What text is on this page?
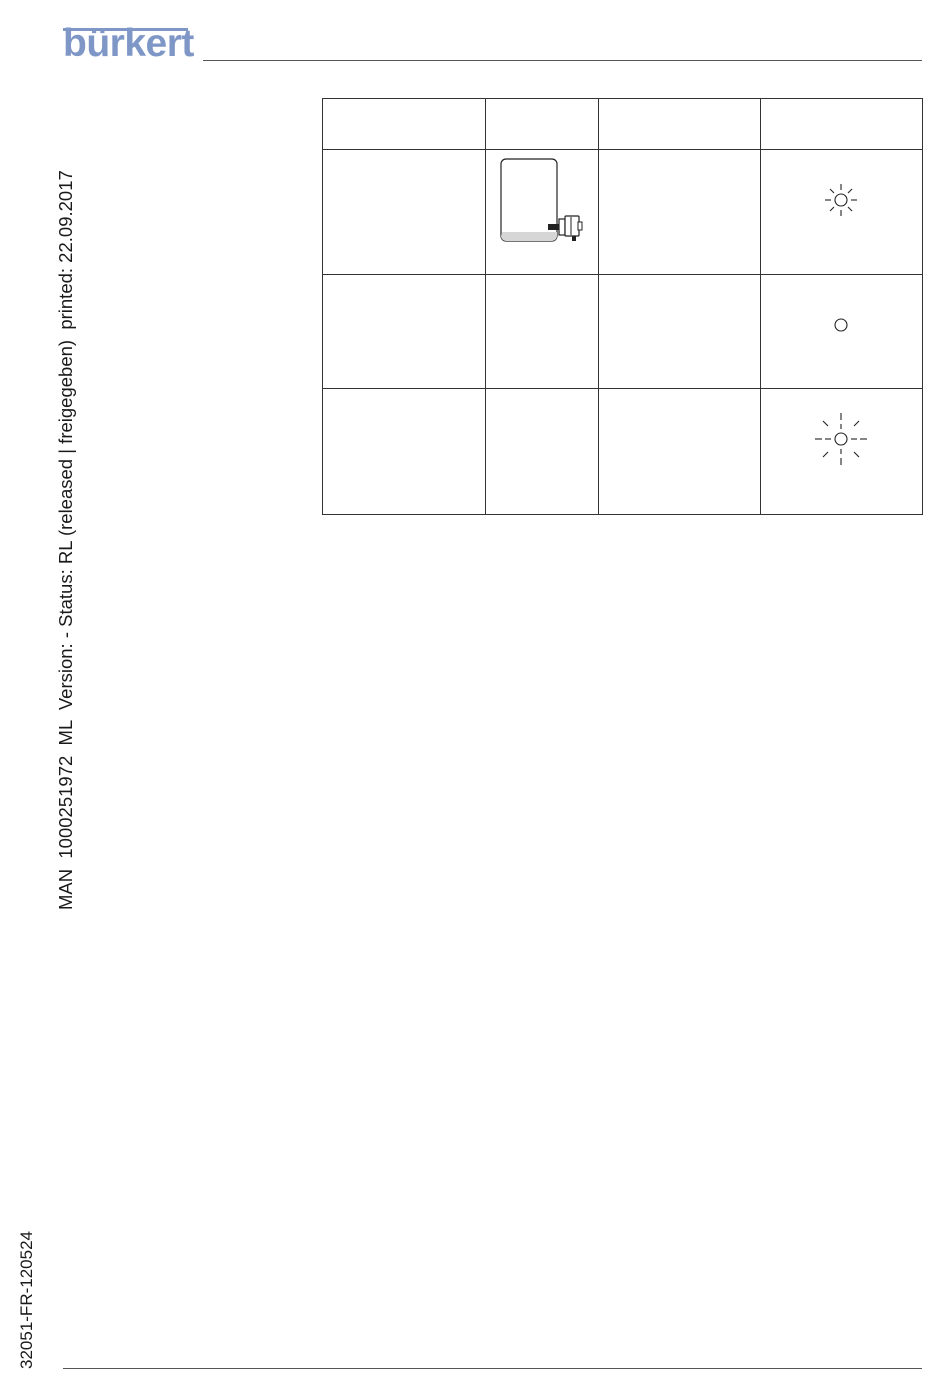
bürkert
MAN  1000251972  ML  Version: - Status: RL (released | freigegeben)  printed: 22.09.2017
32051-FR-120524
